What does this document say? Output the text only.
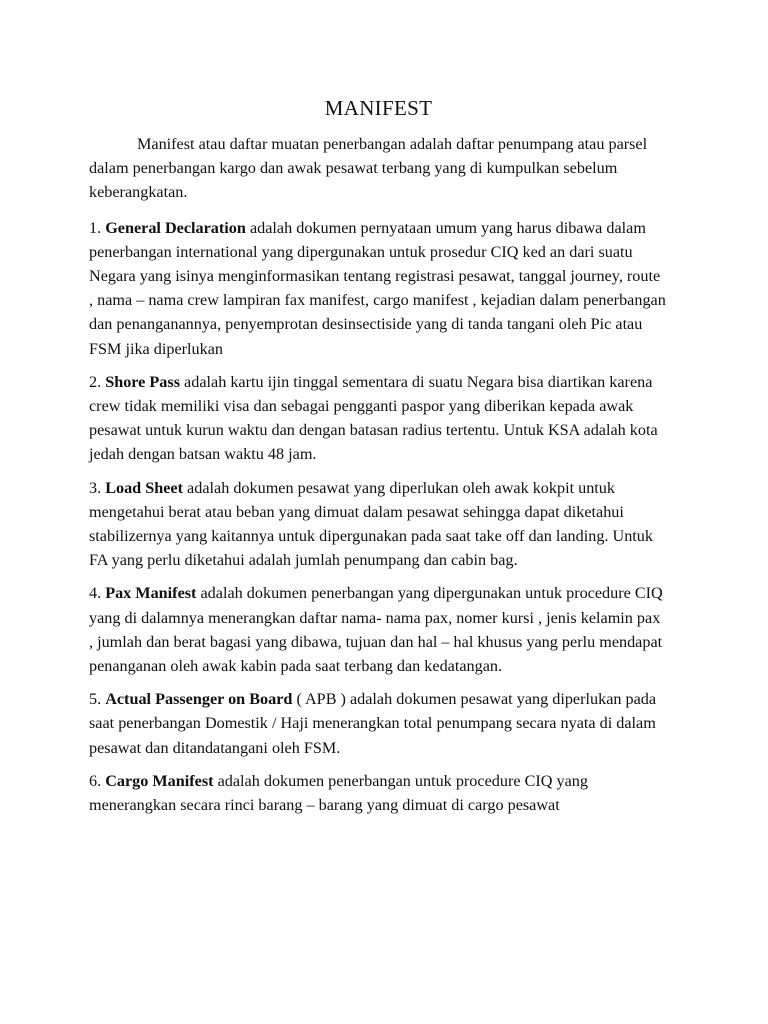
MANIFEST

Manifest atau daftar muatan penerbangan adalah daftar penumpang atau parsel dalam penerbangan kargo dan awak pesawat terbang yang di kumpulkan sebelum keberangkatan.

1. General Declaration adalah dokumen pernyataan umum yang harus dibawa dalam penerbangan international yang dipergunakan untuk prosedur CIQ ked an dari suatu Negara yang isinya menginformasikan tentang registrasi pesawat, tanggal journey, route , nama – nama crew lampiran fax manifest, cargo manifest , kejadian dalam penerbangan dan penanganannya, penyemprotan desinsectiside yang di tanda tangani oleh Pic atau FSM jika diperlukan

2. Shore Pass adalah kartu ijin tinggal sementara di suatu Negara bisa diartikan karena crew tidak memiliki visa dan sebagai pengganti paspor yang diberikan kepada awak pesawat untuk kurun waktu dan dengan batasan radius tertentu. Untuk KSA adalah kota jedah dengan batsan waktu 48 jam.

3. Load Sheet adalah dokumen pesawat yang diperlukan oleh awak kokpit untuk mengetahui berat atau beban yang dimuat dalam pesawat sehingga dapat diketahui stabilizernya yang kaitannya untuk dipergunakan pada saat take off dan landing. Untuk FA yang perlu diketahui adalah jumlah penumpang dan cabin bag.

4. Pax Manifest adalah dokumen penerbangan yang dipergunakan untuk procedure CIQ yang di dalamnya menerangkan daftar nama- nama pax, nomer kursi , jenis kelamin pax , jumlah dan berat bagasi yang dibawa, tujuan dan hal – hal khusus yang perlu mendapat penanganan oleh awak kabin pada saat terbang dan kedatangan.

5. Actual Passenger on Board ( APB ) adalah dokumen pesawat yang diperlukan pada saat penerbangan Domestik / Haji menerangkan total penumpang secara nyata di dalam pesawat dan ditandatangani oleh FSM.

6. Cargo Manifest adalah dokumen penerbangan untuk procedure CIQ yang menerangkan secara rinci barang – barang yang dimuat di cargo pesawat
